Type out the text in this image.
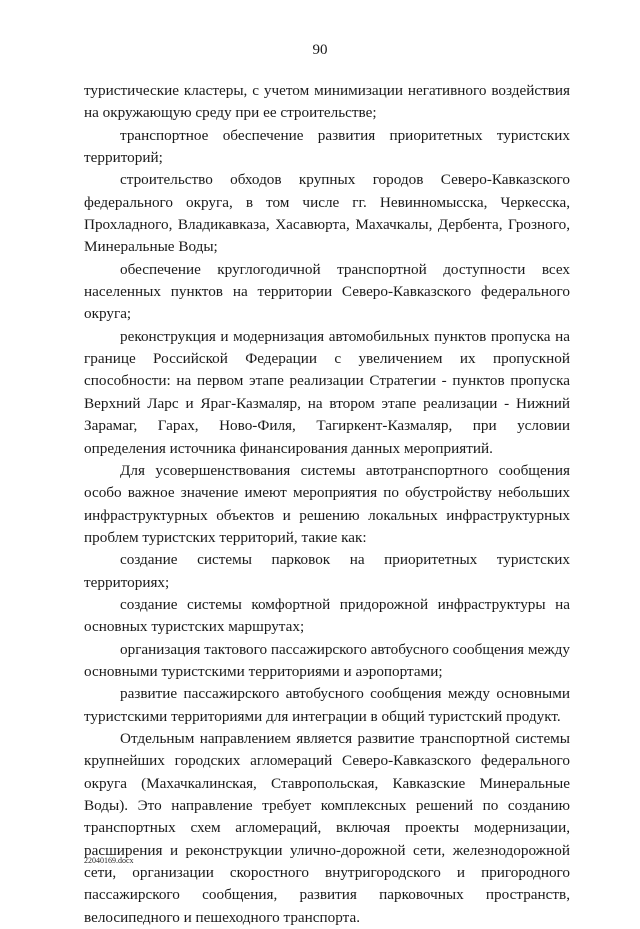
90

туристические кластеры, с учетом минимизации негативного воздействия на окружающую среду при ее строительстве;

транспортное обеспечение развития приоритетных туристских территорий;

строительство обходов крупных городов Северо-Кавказского федерального округа, в том числе гг. Невинномысска, Черкесска, Прохладного, Владикавказа, Хасавюрта, Махачкалы, Дербента, Грозного, Минеральные Воды;

обеспечение круглогодичной транспортной доступности всех населенных пунктов на территории Северо-Кавказского федерального округа;

реконструкция и модернизация автомобильных пунктов пропуска на границе Российской Федерации с увеличением их пропускной способности: на первом этапе реализации Стратегии - пунктов пропуска Верхний Ларс и Яраг-Казмаляр, на втором этапе реализации - Нижний Зарамаг, Гарах, Ново-Филя, Тагиркент-Казмаляр, при условии определения источника финансирования данных мероприятий.

Для усовершенствования системы автотранспортного сообщения особо важное значение имеют мероприятия по обустройству небольших инфраструктурных объектов и решению локальных инфраструктурных проблем туристских территорий, такие как:

создание системы парковок на приоритетных туристских территориях;

создание системы комфортной придорожной инфраструктуры на основных туристских маршрутах;

организация тактового пассажирского автобусного сообщения между основными туристскими территориями и аэропортами;

развитие пассажирского автобусного сообщения между основными туристскими территориями для интеграции в общий туристский продукт.

Отдельным направлением является развитие транспортной системы крупнейших городских агломераций Северо-Кавказского федерального округа (Махачкалинская, Ставропольская, Кавказские Минеральные Воды). Это направление требует комплексных решений по созданию транспортных схем агломераций, включая проекты модернизации, расширения и реконструкции улично-дорожной сети, железнодорожной сети, организации скоростного внутригородского и пригородного пассажирского сообщения, развития парковочных пространств, велосипедного и пешеходного транспорта.

22040169.docx
